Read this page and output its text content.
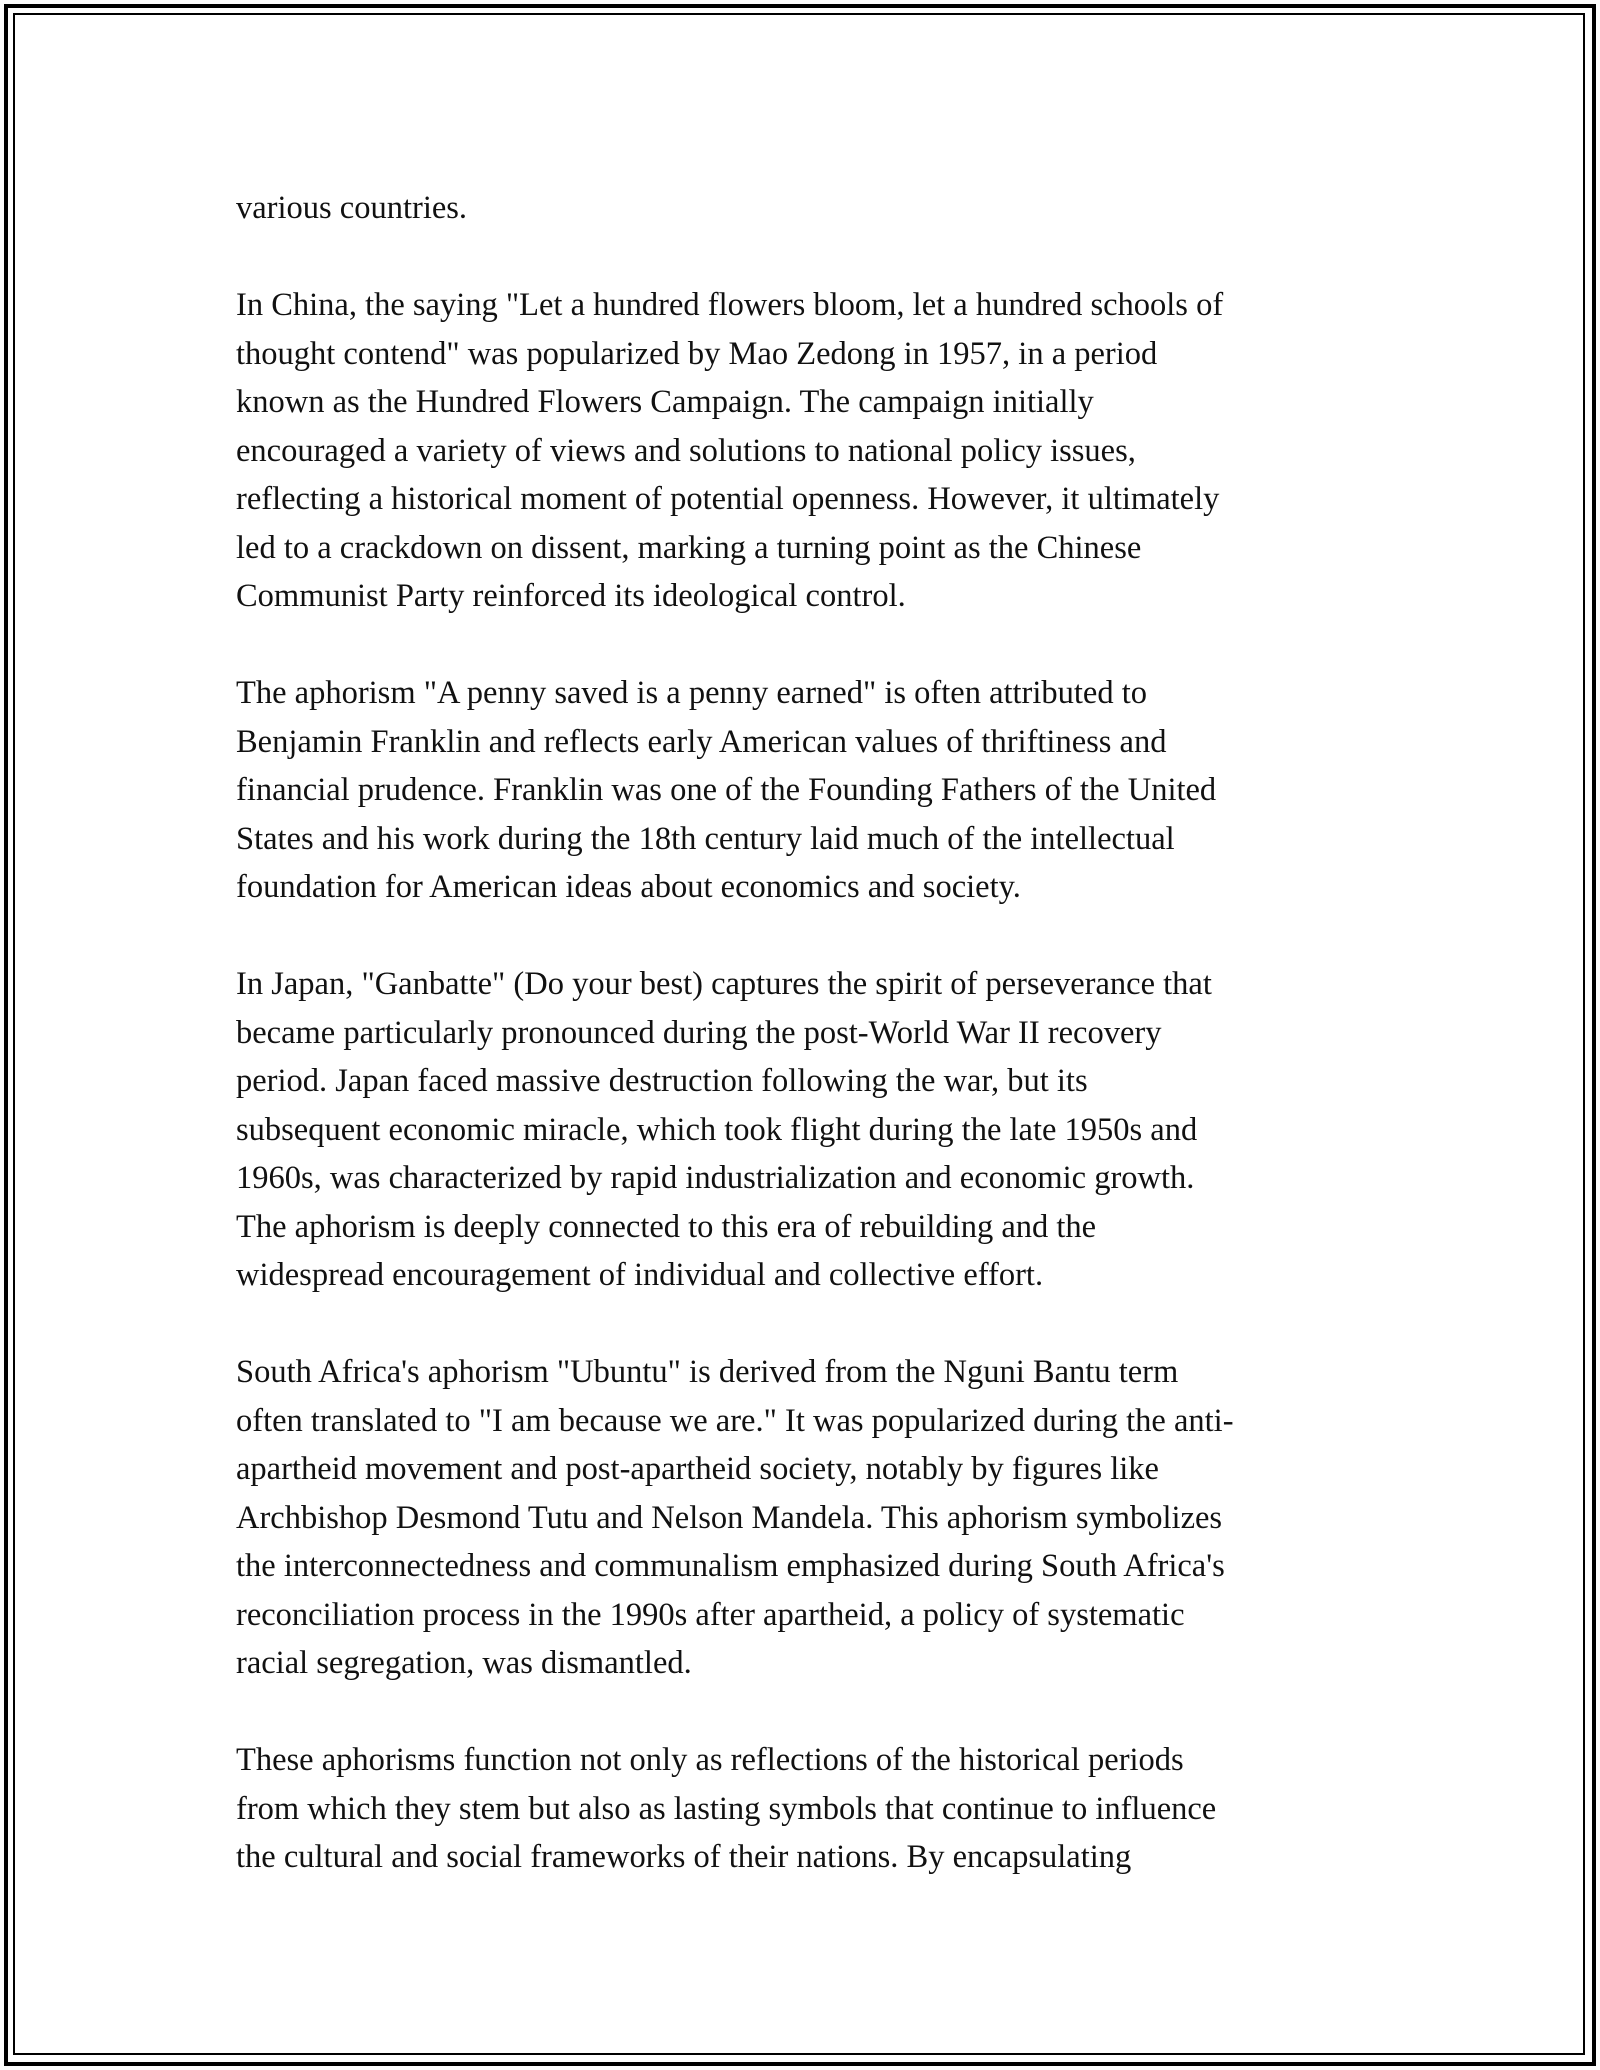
various countries.

In China, the saying "Let a hundred flowers bloom, let a hundred schools of
thought contend" was popularized by Mao Zedong in 1957, in a period
known as the Hundred Flowers Campaign. The campaign initially
encouraged a variety of views and solutions to national policy issues,
reflecting a historical moment of potential openness. However, it ultimately
led to a crackdown on dissent, marking a turning point as the Chinese
Communist Party reinforced its ideological control.

The aphorism "A penny saved is a penny earned" is often attributed to
Benjamin Franklin and reflects early American values of thriftiness and
financial prudence. Franklin was one of the Founding Fathers of the United
States and his work during the 18th century laid much of the intellectual
foundation for American ideas about economics and society.

In Japan, "Ganbatte" (Do your best) captures the spirit of perseverance that
became particularly pronounced during the post-World War II recovery
period. Japan faced massive destruction following the war, but its
subsequent economic miracle, which took flight during the late 1950s and
1960s, was characterized by rapid industrialization and economic growth.
The aphorism is deeply connected to this era of rebuilding and the
widespread encouragement of individual and collective effort.

South Africa's aphorism "Ubuntu" is derived from the Nguni Bantu term
often translated to "I am because we are." It was popularized during the anti-
apartheid movement and post-apartheid society, notably by figures like
Archbishop Desmond Tutu and Nelson Mandela. This aphorism symbolizes
the interconnectedness and communalism emphasized during South Africa's
reconciliation process in the 1990s after apartheid, a policy of systematic
racial segregation, was dismantled.

These aphorisms function not only as reflections of the historical periods
from which they stem but also as lasting symbols that continue to influence
the cultural and social frameworks of their nations. By encapsulating
